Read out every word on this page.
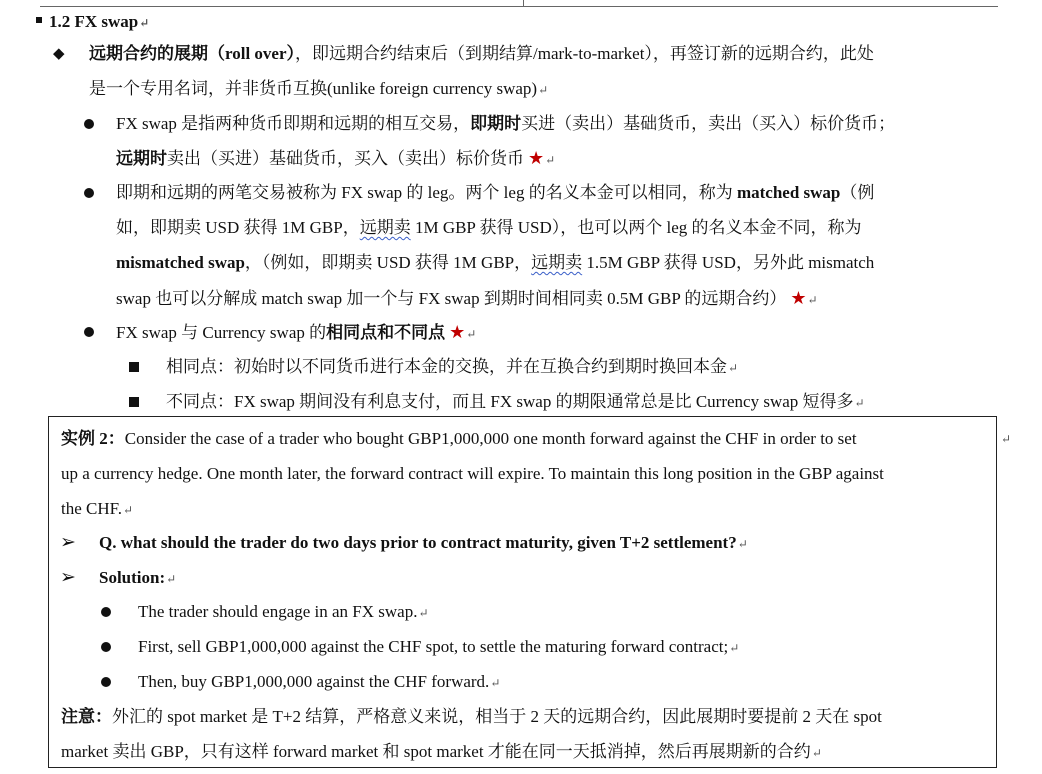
1.2 FX swap↵
◆ 远期合约的展期（roll over），即远期合约结束后（到期结算/mark-to-market），再签订新的远期合约，此处
是一个专用名词，并非货币互换(unlike foreign currency swap)↵
FX swap 是指两种货币即期和远期的相互交易，即期时买进（卖出）基础货币，卖出（买入）标价货币；
远期时卖出（买进）基础货币，买入（卖出）标价货币 ★↵
即期和远期的两笔交易被称为 FX swap 的 leg。两个 leg 的名义本金可以相同，称为 matched swap（例
如，即期卖 USD 获得 1M GBP，远期卖 1M GBP 获得 USD），也可以两个 leg 的名义本金不同，称为
mismatched swap，（例如，即期卖 USD 获得 1M GBP，远期卖 1.5M GBP 获得 USD，另外此 mismatch
swap 也可以分解成 match swap 加一个与 FX swap 到期时间相同卖 0.5M GBP 的远期合约） ★↵
FX swap 与 Currency swap 的相同点和不同点 ★↵
相同点：初始时以不同货币进行本金的交换，并在互换合约到期时换回本金↵
不同点：FX swap 期间没有利息支付，而且 FX swap 的期限通常总是比 Currency swap 短得多↵
实例 2：Consider the case of a trader who bought GBP1,000,000 one month forward against the CHF in order to set	↵
up a currency hedge. One month later, the forward contract will expire. To maintain this long position in the GBP against
the CHF.↵
➢ Q. what should the trader do two days prior to contract maturity, given T+2 settlement?↵
➢ Solution:↵
The trader should engage in an FX swap.↵
First, sell GBP1,000,000 against the CHF spot, to settle the maturing forward contract;↵
Then, buy GBP1,000,000 against the CHF forward.↵
注意：外汇的 spot market 是 T+2 结算，严格意义来说，相当于 2 天的远期合约，因此展期时要提前 2 天在 spot
market 卖出 GBP，只有这样 forward market 和 spot market 才能在同一天抵消掉，然后再展期新的合约↵
